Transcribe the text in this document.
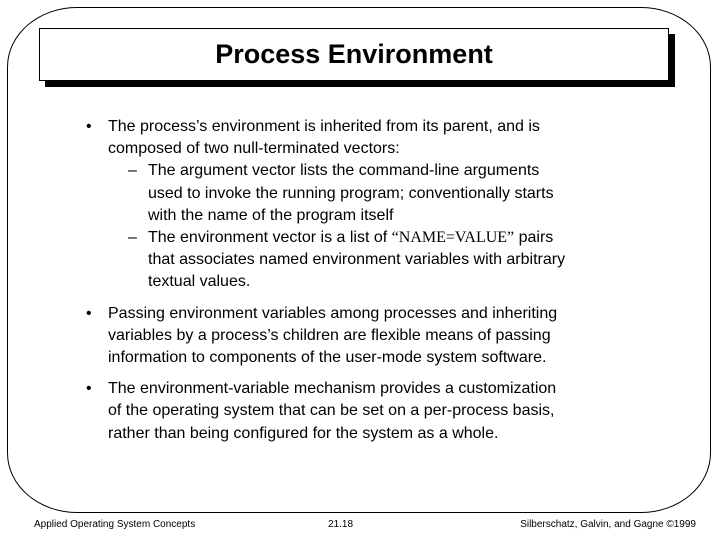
Process Environment
• The process’s environment is inherited from its parent, and is
composed of two null-terminated vectors:
– The argument vector lists the command-line arguments
used to invoke the running program; conventionally starts
with the name of the program itself
– The environment vector is a list of “NAME=VALUE” pairs
that associates named environment variables with arbitrary
textual values.
• Passing environment variables among processes and inheriting
variables by a process’s children are flexible means of passing
information to components of the user-mode system software.
• The environment-variable mechanism provides a customization
of the operating system that can be set on a per-process basis,
rather than being configured for the system as a whole.
Applied Operating System Concepts	21.18	Silberschatz, Galvin, and Gagne ©1999
